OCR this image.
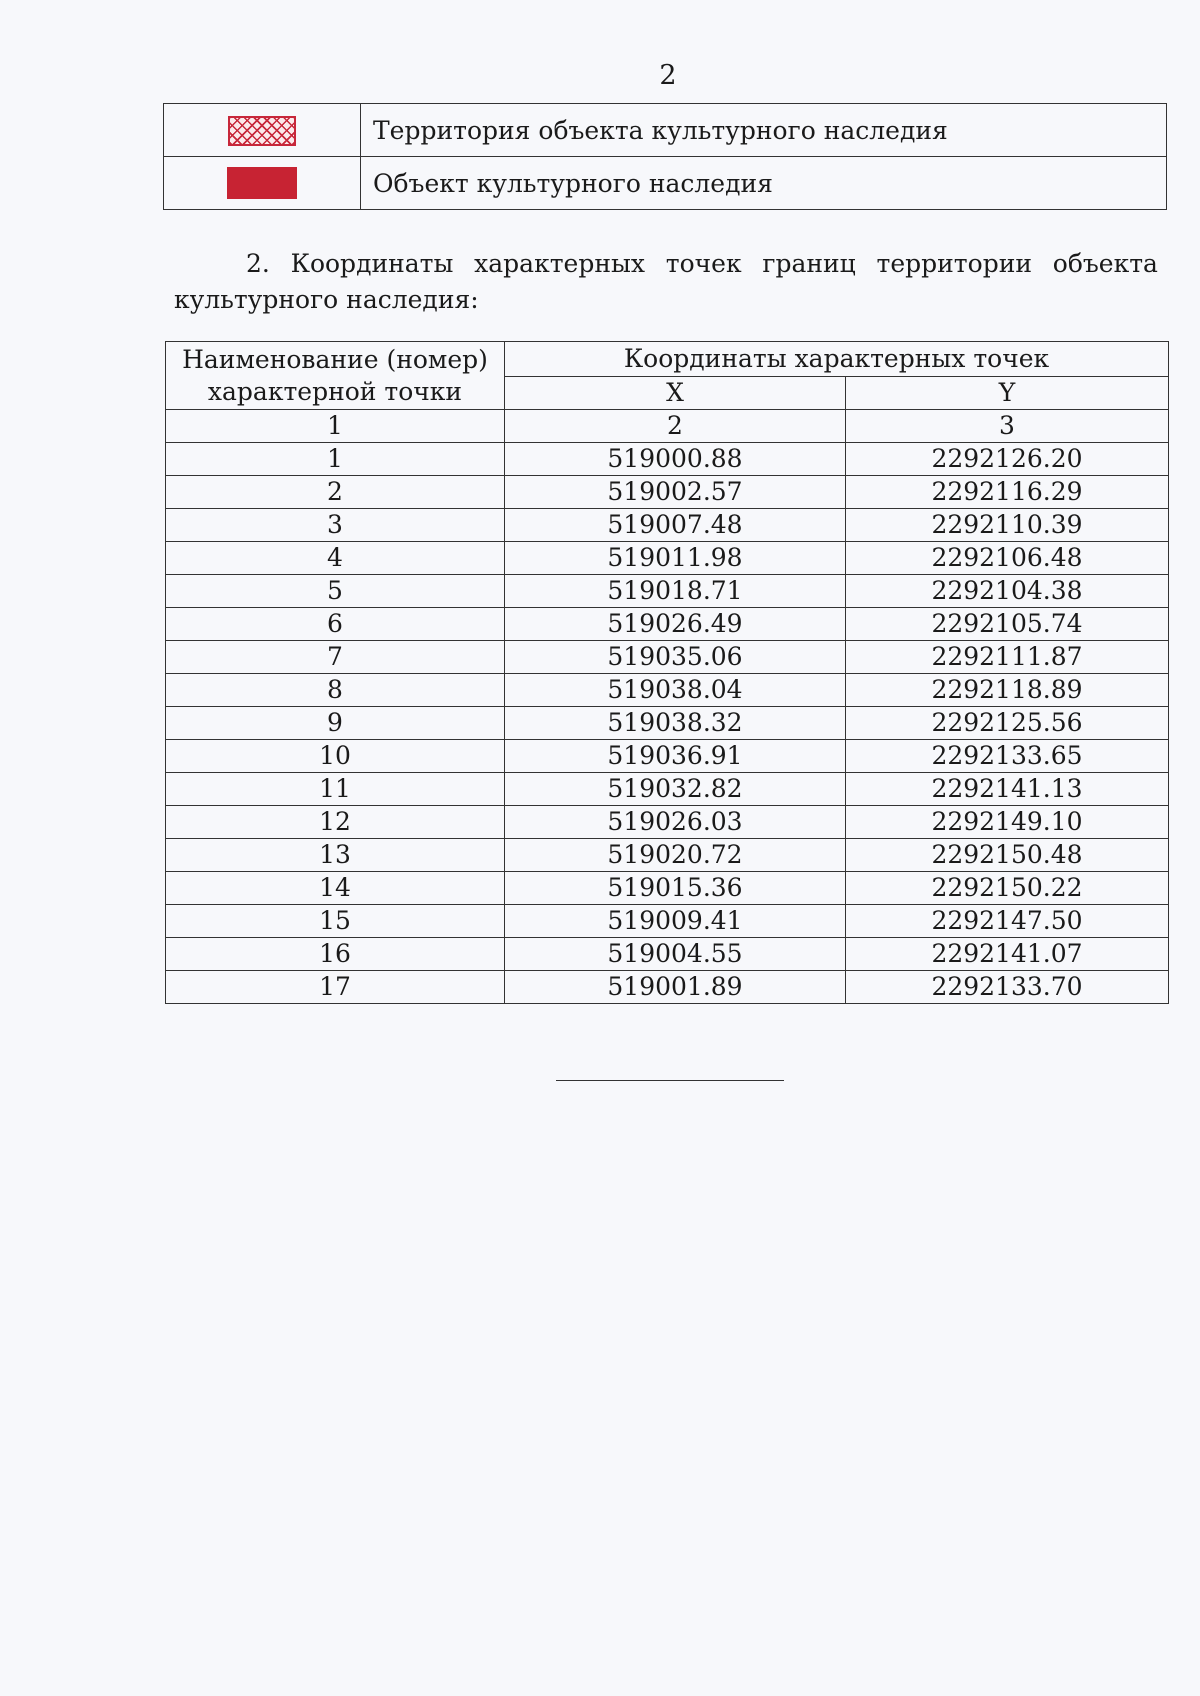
2
	Территория объекта культурного наследия
	Объект культурного наследия
2. Координаты характерных точек границ территории объекта
культурного наследия:
Наименование (номер) характерной точки	Координаты характерных точек	
	X	Y
1	2	3
1	519000.88	2292126.20
2	519002.57	2292116.29
3	519007.48	2292110.39
4	519011.98	2292106.48
5	519018.71	2292104.38
6	519026.49	2292105.74
7	519035.06	2292111.87
8	519038.04	2292118.89
9	519038.32	2292125.56
10	519036.91	2292133.65
11	519032.82	2292141.13
12	519026.03	2292149.10
13	519020.72	2292150.48
14	519015.36	2292150.22
15	519009.41	2292147.50
16	519004.55	2292141.07
17	519001.89	2292133.70
